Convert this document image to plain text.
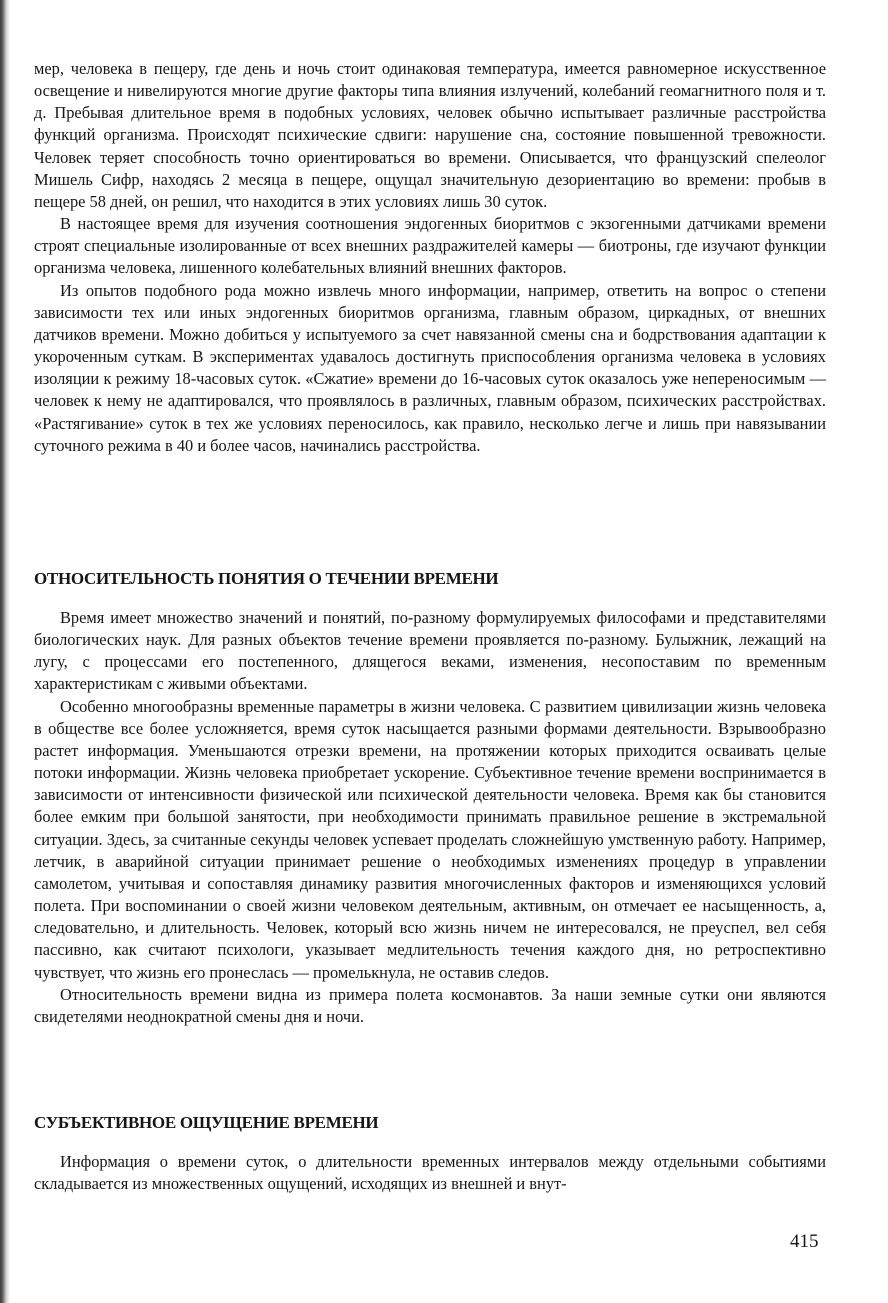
мер, человека в пещеру, где день и ночь стоит одинаковая температура, имеется равномерное искусственное освещение и нивелируются многие другие факторы типа влияния излучений, колебаний геомагнитного поля и т. д. Пребывая длительное время в подобных условиях, человек обычно испытывает различные расстройства функций организма. Происходят психические сдвиги: нарушение сна, состояние повышенной тревожности. Человек теряет способность точно ориентироваться во времени. Описывается, что французский спелеолог Мишель Сифр, находясь 2 месяца в пещере, ощущал значительную дезориентацию во времени: пробыв в пещере 58 дней, он решил, что находится в этих условиях лишь 30 суток.

В настоящее время для изучения соотношения эндогенных биоритмов с экзогенными датчиками времени строят специальные изолированные от всех внешних раздражителей камеры — биотроны, где изучают функции организма человека, лишенного колебательных влияний внешних факторов.

Из опытов подобного рода можно извлечь много информации, например, ответить на вопрос о степени зависимости тех или иных эндогенных биоритмов организма, главным образом, циркадных, от внешних датчиков времени. Можно добиться у испытуемого за счет навязанной смены сна и бодрствования адаптации к укороченным суткам. В экспериментах удавалось достигнуть приспособления организма человека в условиях изоляции к режиму 18-часовых суток. «Сжатие» времени до 16-часовых суток оказалось уже непереносимым — человек к нему не адаптировался, что проявлялось в различных, главным образом, психических расстройствах. «Растягивание» суток в тех же условиях переносилось, как правило, несколько легче и лишь при навязывании суточного режима в 40 и более часов, начинались расстройства.

ОТНОСИТЕЛЬНОСТЬ ПОНЯТИЯ О ТЕЧЕНИИ ВРЕМЕНИ

Время имеет множество значений и понятий, по-разному формулируемых философами и представителями биологических наук. Для разных объектов течение времени проявляется по-разному. Булыжник, лежащий на лугу, с процессами его постепенного, длящегося веками, изменения, несопоставим по временным характеристикам с живыми объектами.

Особенно многообразны временные параметры в жизни человека. С развитием цивилизации жизнь человека в обществе все более усложняется, время суток насыщается разными формами деятельности. Взрывообразно растет информация. Уменьшаются отрезки времени, на протяжении которых приходится осваивать целые потоки информации. Жизнь человека приобретает ускорение. Субъективное течение времени воспринимается в зависимости от интенсивности физической или психической деятельности человека. Время как бы становится более емким при большой занятости, при необходимости принимать правильное решение в экстремальной ситуации. Здесь, за считанные секунды человек успевает проделать сложнейшую умственную работу. Например, летчик, в аварийной ситуации принимает решение о необходимых изменениях процедур в управлении самолетом, учитывая и сопоставляя динамику развития многочисленных факторов и изменяющихся условий полета. При воспоминании о своей жизни человеком деятельным, активным, он отмечает ее насыщенность, а, следовательно, и длительность. Человек, который всю жизнь ничем не интересовался, не преуспел, вел себя пассивно, как считают психологи, указывает медлительность течения каждого дня, но ретроспективно чувствует, что жизнь его пронеслась — промелькнула, не оставив следов.

Относительность времени видна из примера полета космонавтов. За наши земные сутки они являются свидетелями неоднократной смены дня и ночи.

СУБЪЕКТИВНОЕ ОЩУЩЕНИЕ ВРЕМЕНИ

Информация о времени суток, о длительности временных интервалов между отдельными событиями складывается из множественных ощущений, исходящих из внешней и внут-

415
